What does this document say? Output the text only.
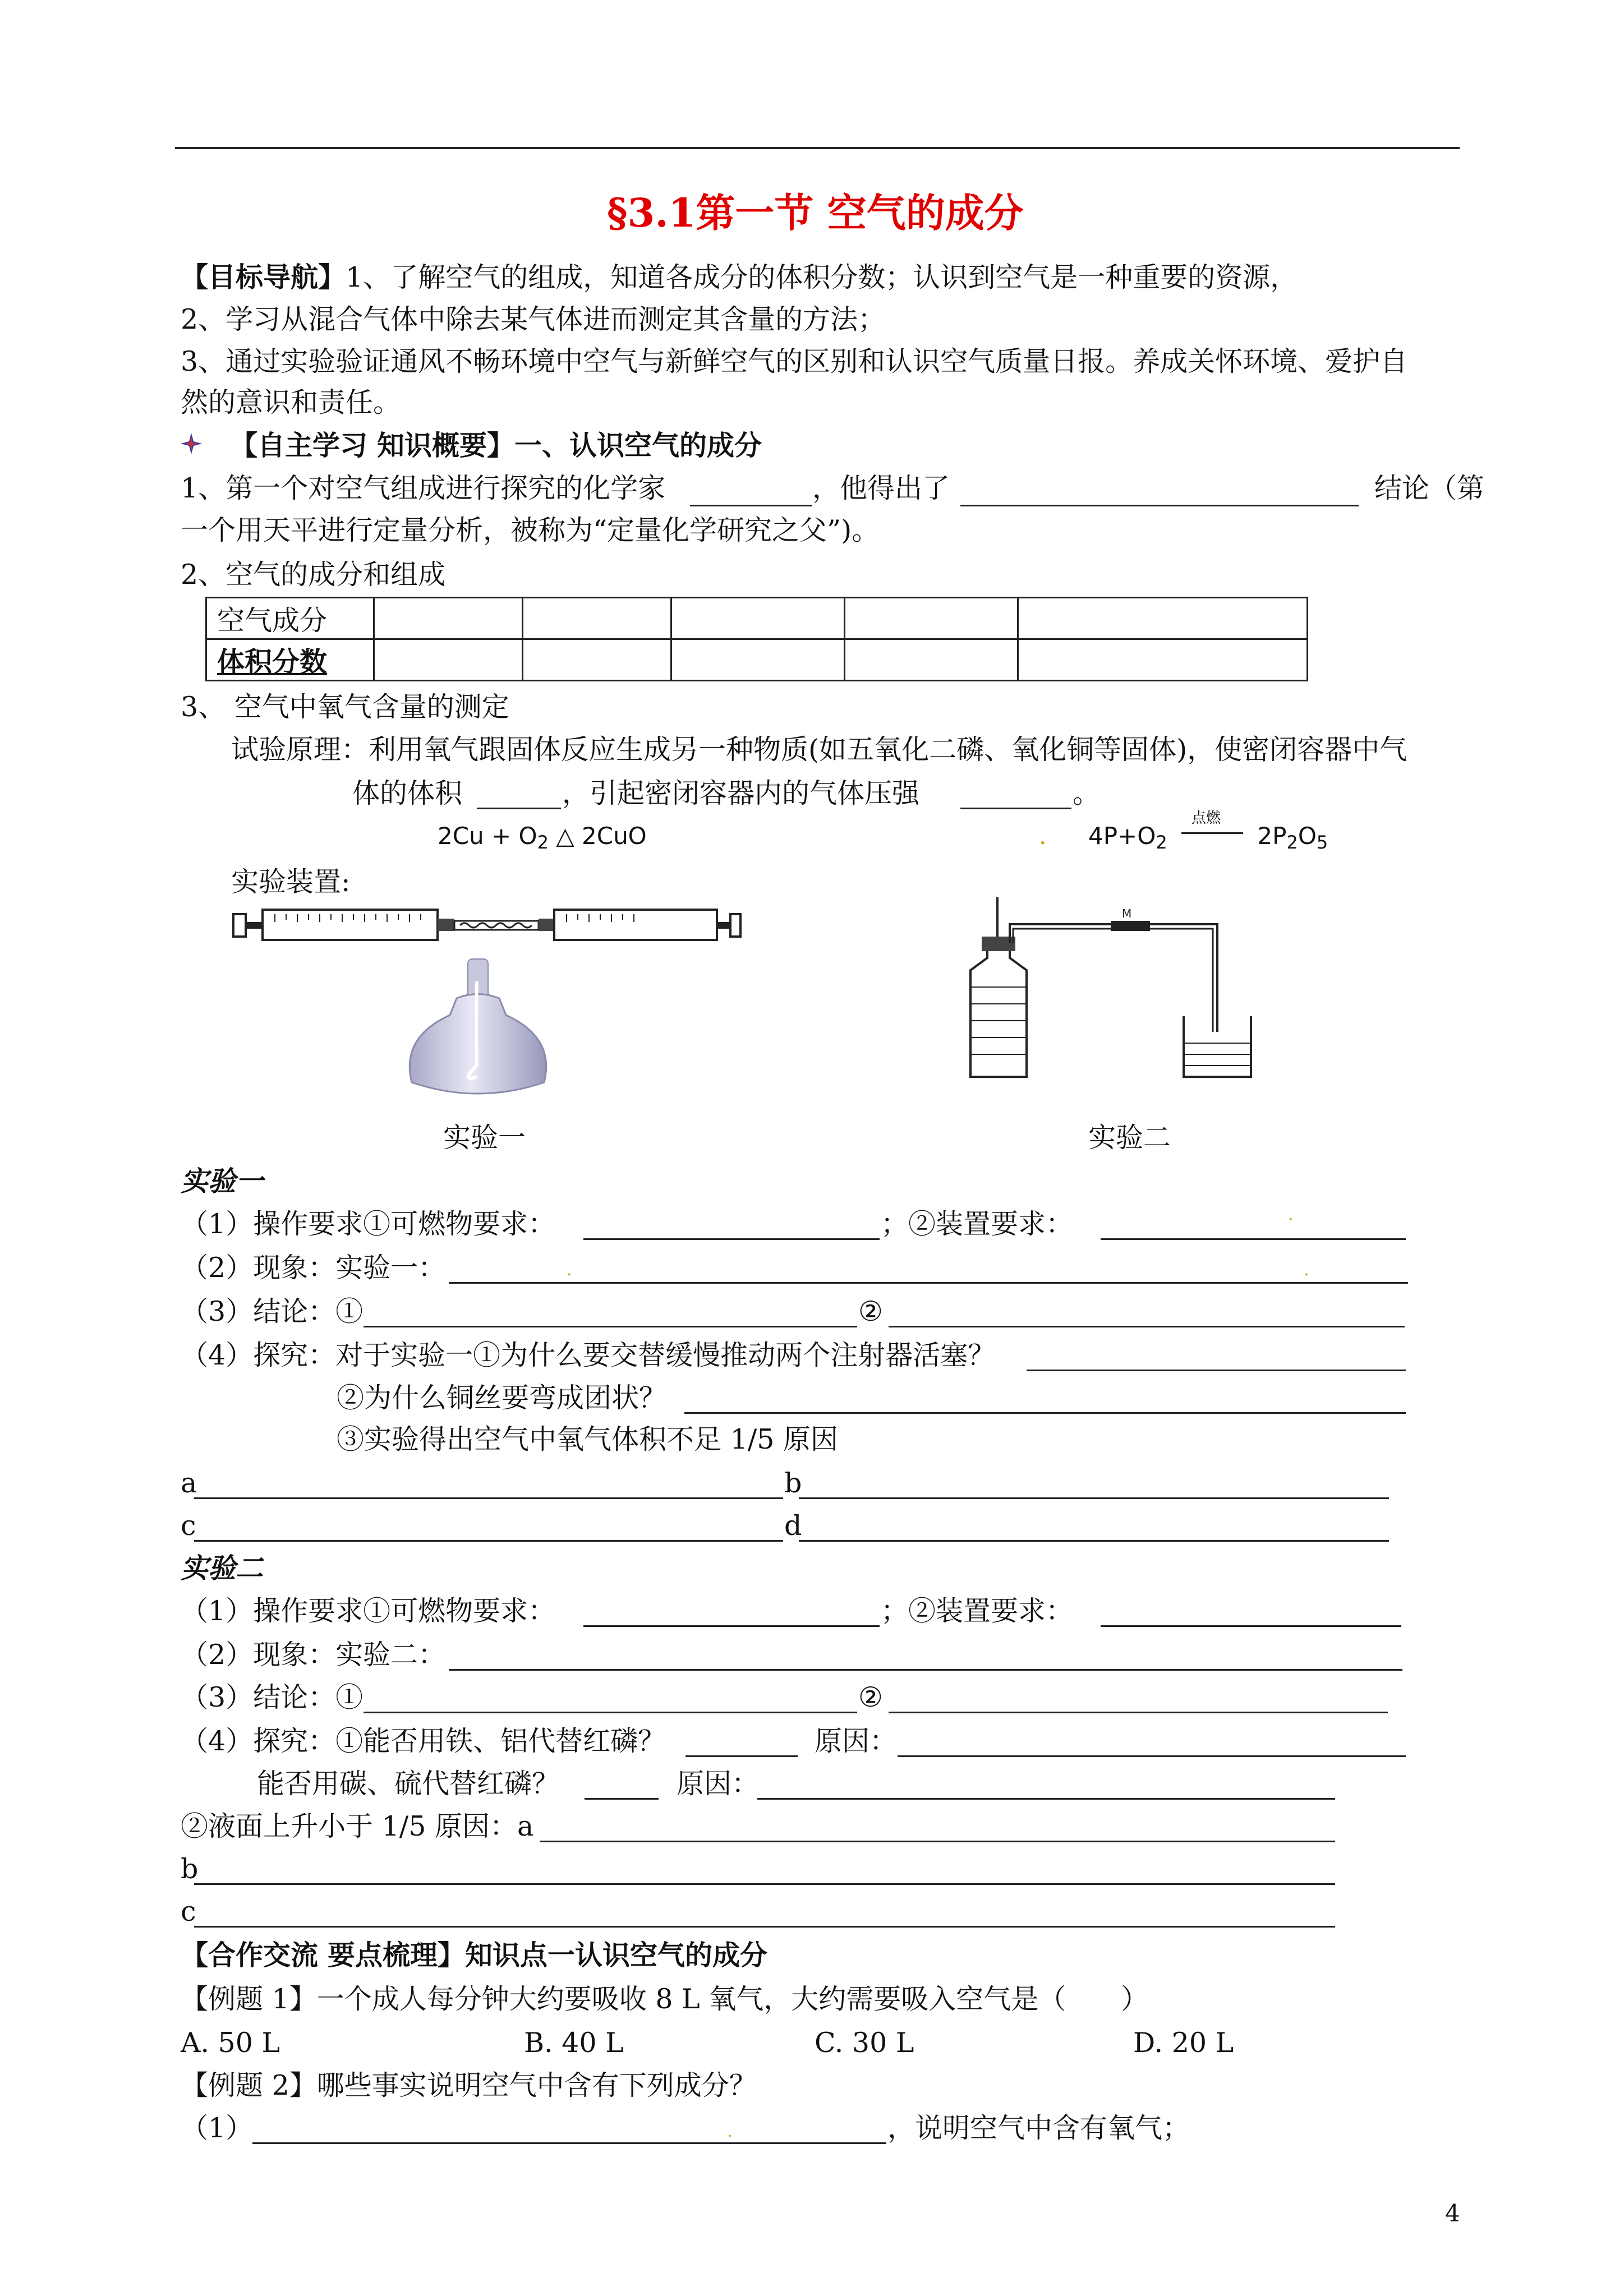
§3.1第一节 空气的成分
【目标导航】1、了解空气的组成，知道各成分的体积分数；认识到空气是一种重要的资源，
2、学习从混合气体中除去某气体进而测定其含量的方法；
3、通过实验验证通风不畅环境中空气与新鲜空气的区别和认识空气质量日报。养成关怀环境、爱护自
然的意识和责任。
【自主学习 知识概要】一、认识空气的成分
1、第一个对空气组成进行探究的化学家	，他得出了	结论（第
一个用天平进行定量分析，被称为“定量化学研究之父”)。
2、空气的成分和组成
空气成分					
体积分数					
3、 空气中氧气含量的测定
试验原理：利用氧气跟固体反应生成另一种物质(如五氧化二磷、氧化铜等固体)，使密闭容器中气
体的体积	，引起密闭容器内的气体压强	。
$2Cu + O_2$ △ 2CuO	. $4P+O_2$
点燃
$2P_2O_5$
实验装置:
实验一
M
实验二
实验一
（1）操作要求①可燃物要求：	；②装置要求：	·
（2）现象：实验一：	.	.
（3）结论：①	②
（4）探究：对于实验一①为什么要交替缓慢推动两个注射器活塞？
②为什么铜丝要弯成团状？
③实验得出空气中氧气体积不足 1/5 原因
a	b
c	d
实验二
（1）操作要求①可燃物要求：	；②装置要求：
（2）现象：实验二：
（3）结论：①	②
（4）探究：①能否用铁、铝代替红磷？	原因：
能否用碳、硫代替红磷？	原因：
②液面上升小于 1/5 原因：a
b
c
【合作交流 要点梳理】知识点一认识空气的成分
【例题 1】一个成人每分钟大约要吸收 8 L 氧气，大约需要吸入空气是（　　）
A. 50 L	B. 40 L	C. 30 L	D. 20 L
【例题 2】哪些事实说明空气中含有下列成分？
（1）	.	，说明空气中含有氧气；
4
